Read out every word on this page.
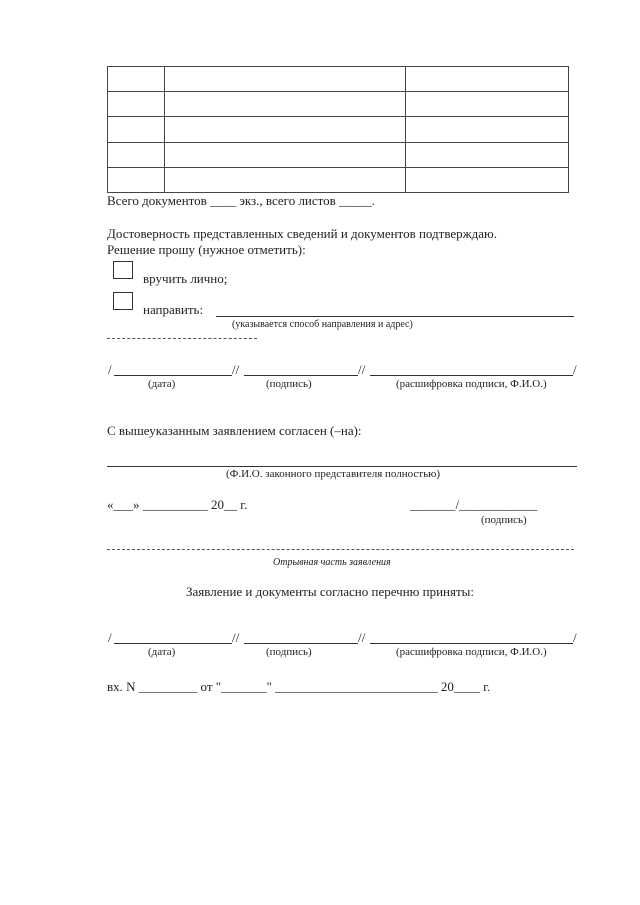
Всего документов ____ экз., всего листов _____.
Достоверность представленных сведений и документов подтверждаю.
Решение прошу (нужное отметить):
вручить лично;
направить:
(указывается способ направления и адрес)
/	//	//	/
(дата)	(подпись)	(расшифровка подписи, Ф.И.О.)
С вышеуказанным заявлением согласен (–на):
(Ф.И.О. законного представителя полностью)
«___» __________ 20__ г.	_______/____________
(подпись)
Отрывная часть заявления
Заявление и документы согласно перечню приняты:
/	//	//	/
(дата)	(подпись)	(расшифровка подписи, Ф.И.О.)
вх. N _________ от "_______" _________________________ 20____ г.
